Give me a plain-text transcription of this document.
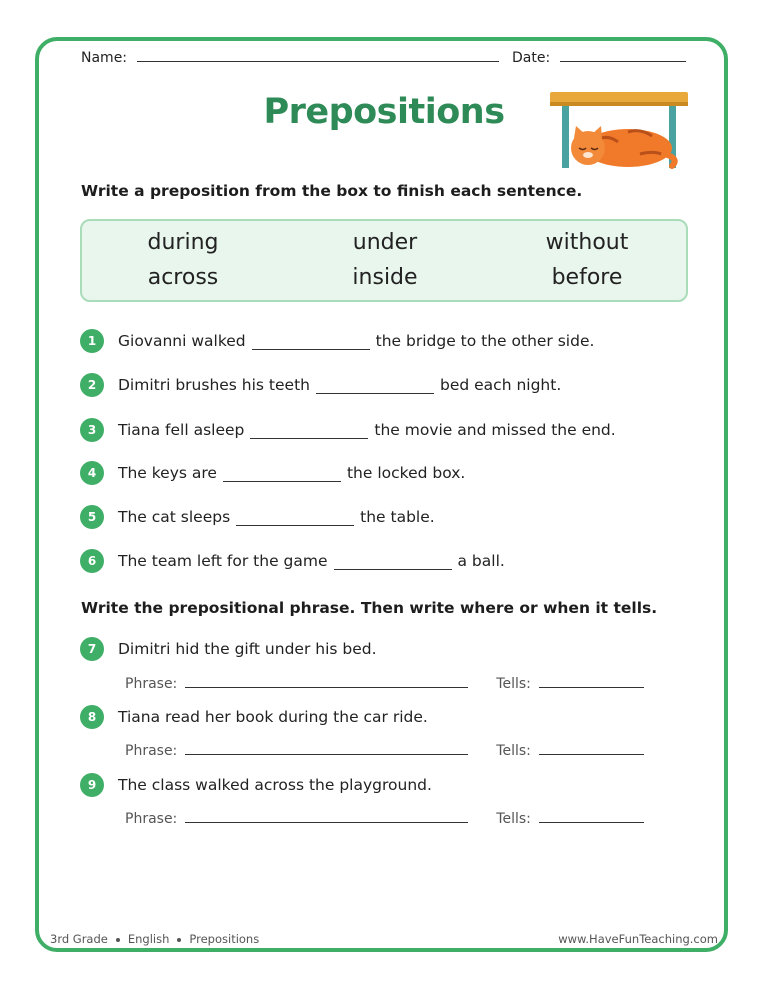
Name:	Date:
Prepositions
Write a preposition from the box to finish each sentence.
during	under	without
across	inside	before
1	Giovanni walked	the bridge to the other side.
2	Dimitri brushes his teeth	bed each night.
3	Tiana fell asleep	the movie and missed the end.
4	The keys are	the locked box.
5	The cat sleeps	the table.
6	The team left for the game	a ball.
Write the prepositional phrase. Then write where or when it tells.
7	Dimitri hid the gift under his bed.
Phrase:	Tells:
8	Tiana read her book during the car ride.
Phrase:	Tells:
9	The class walked across the playground.
Phrase:	Tells:
3rd Grade English Prepositions	www.HaveFunTeaching.com
